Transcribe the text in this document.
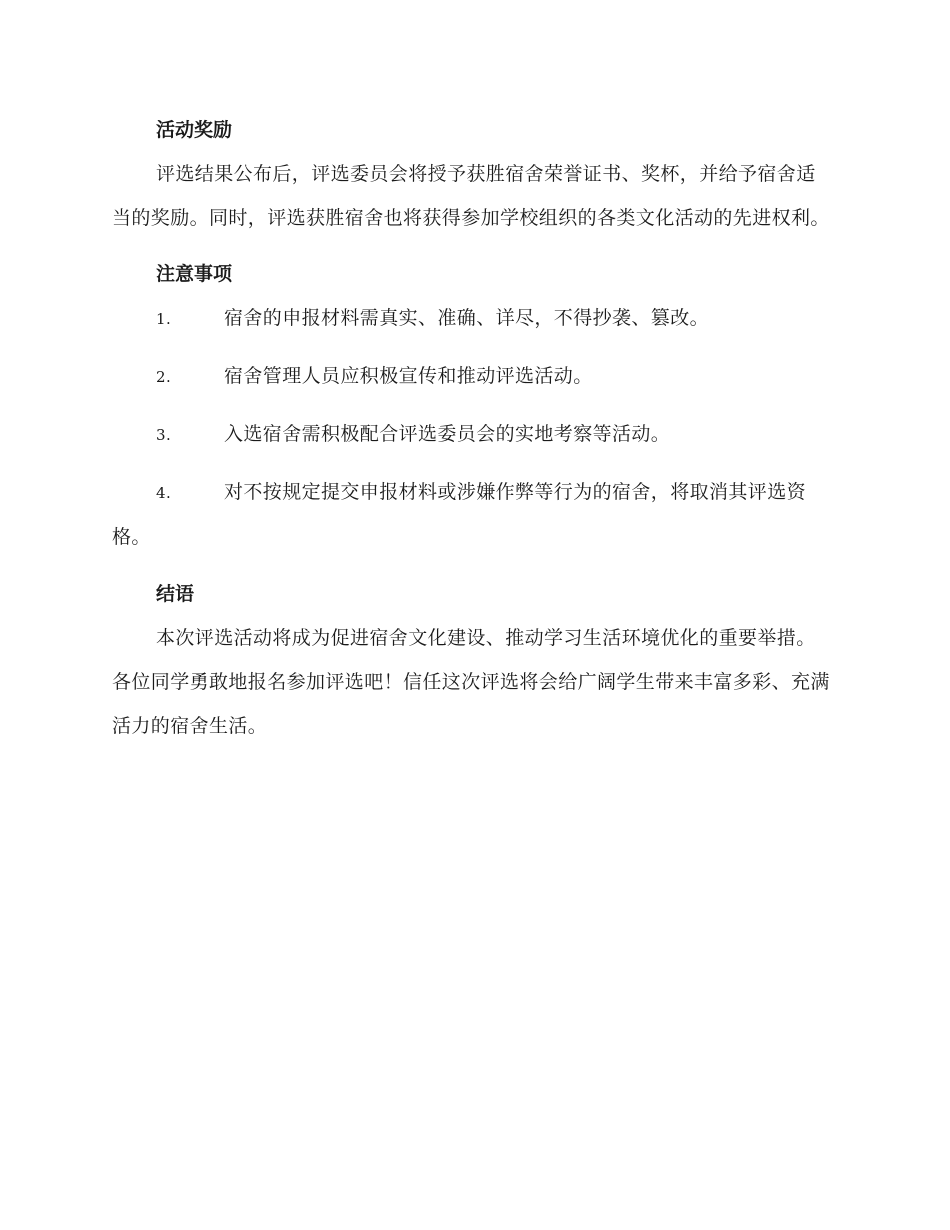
活动奖励

评选结果公布后，评选委员会将授予获胜宿舍荣誉证书、奖杯，并给予宿舍适当的奖励。同时，评选获胜宿舍也将获得参加学校组织的各类文化活动的先进权利。

注意事项
1.	宿舍的申报材料需真实、准确、详尽，不得抄袭、篡改。
2.	宿舍管理人员应积极宣传和推动评选活动。
3.	入选宿舍需积极配合评选委员会的实地考察等活动。
4.	对不按规定提交申报材料或涉嫌作弊等行为的宿舍，将取消其评选资格。
结语

本次评选活动将成为促进宿舍文化建设、推动学习生活环境优化的重要举措。各位同学勇敢地报名参加评选吧！信任这次评选将会给广阔学生带来丰富多彩、充满活力的宿舍生活。
